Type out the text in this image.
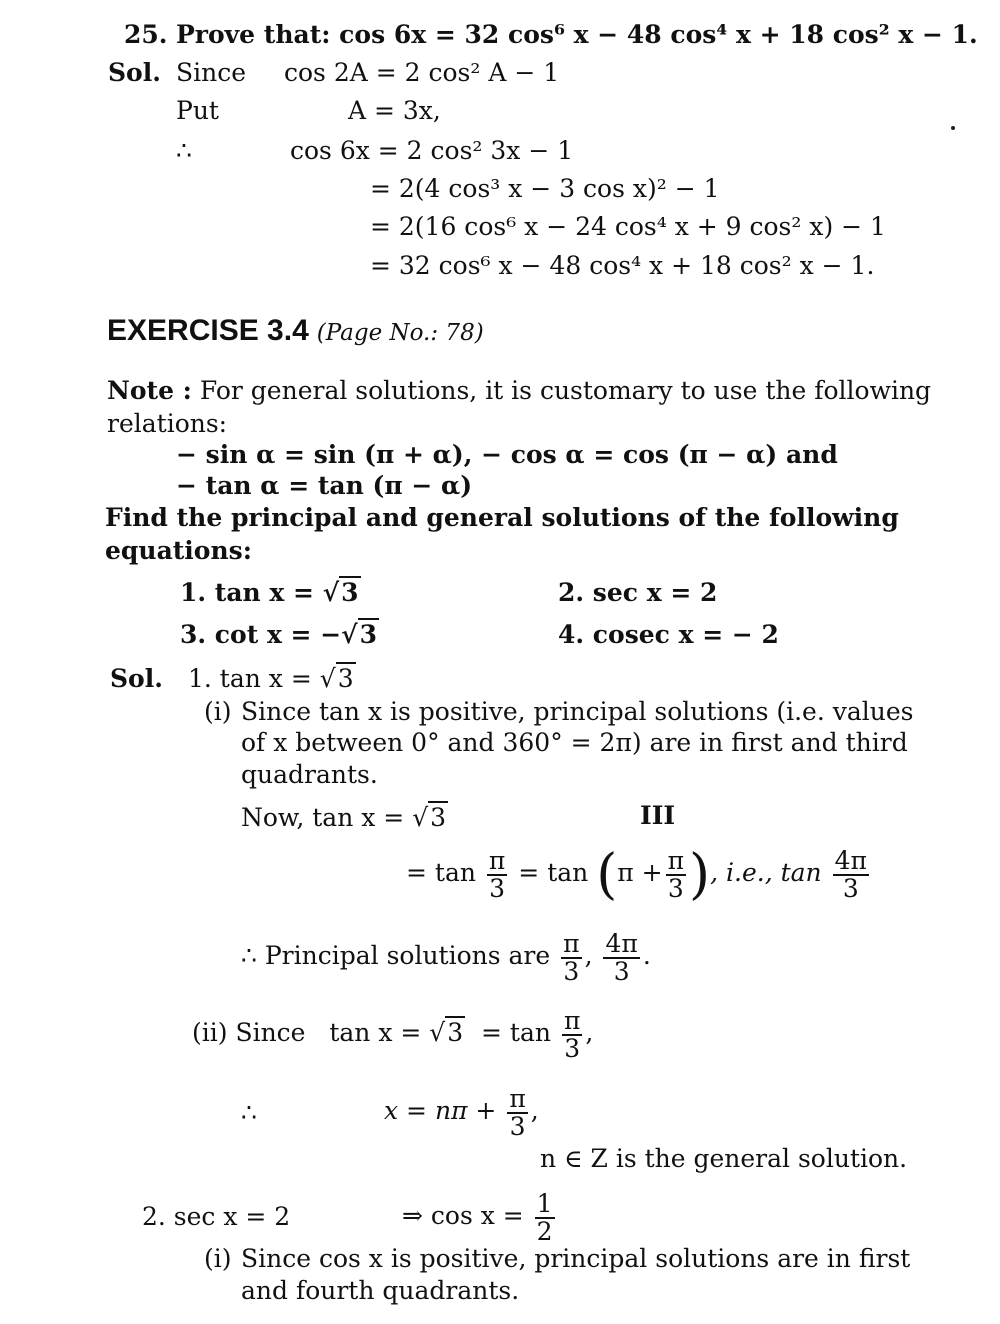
25. Prove that: cos 6x = 32 cos⁶ x − 48 cos⁴ x + 18 cos² x − 1.
Sol. Since cos 2A = 2 cos² A − 1
Put	A = 3x,
∴	cos 6x = 2 cos² 3x − 1
= 2(4 cos³ x − 3 cos x)² − 1
= 2(16 cos⁶ x − 24 cos⁴ x + 9 cos² x) − 1
= 32 cos⁶ x − 48 cos⁴ x + 18 cos² x − 1.
EXERCISE 3.4 (Page No.: 78)
Note : For general solutions, it is customary to use the following
relations:
− sin α = sin (π + α), − cos α = cos (π − α) and
− tan α = tan (π − α)
Find the principal and general solutions of the following
equations:
1. tan x = √3	2. sec x = 2
3. cot x = −√3	4. cosec x = − 2
Sol. 1. tan x = √3
(i) Since tan x is positive, principal solutions (i.e. values
of x between 0° and 360° = 2π) are in first and third
quadrants.
Now, tan x = √3	III
= $\tan \frac{\pi}{3} = \tan (\pi + \frac{\pi}{3}$ ), i.e., $\tan \frac{4\pi}{3}$
∴ Principal solutions are $\frac{\pi}{3}$ , $\frac{4\pi}{3}$ .
(ii) Since $\tan x = √3 = \tan \frac{\pi}{3}$ ,
∴	$x = n\pi + \frac{\pi}{3}$ ,
n ∈ Z is the general solution.
2. sec x = 2	⇒ $\cos x = \frac{1}{2}$
(i) Since cos x is positive, principal solutions are in first
and fourth quadrants.
